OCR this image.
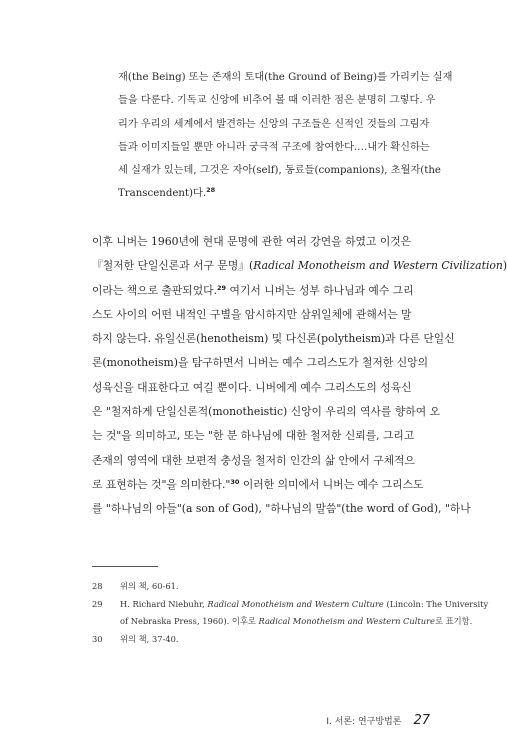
재(the Being) 또는 존재의 토대(the Ground of Being)를 가리키는 실재
들을 다룬다. 기독교 신앙에 비추어 볼 때 이러한 점은 분명히 그렇다. 우
리가 우리의 세계에서 발견하는 신앙의 구조들은 신적인 것들의 그림자
들과 이미지들일 뿐만 아니라 궁극적 구조에 참여한다.…내가 확신하는
세 실재가 있는데, 그것은 자아(self), 동료들(companions), 초월자(the
Transcendent)다.$^{28}$
이후 니버는 1960년에 현대 문명에 관한 여러 강연을 하였고 이것은
『철저한 단일신론과 서구 문명』(Radical Monotheism and Western Civilization)
이라는 책으로 출판되었다.$^{29}$ 여기서 니버는 성부 하나님과 예수 그리
스도 사이의 어떤 내적인 구별을 암시하지만 삼위일체에 관해서는 말
하지 않는다. 유일신론(henotheism) 및 다신론(polytheism)과 다른 단일신
론(monotheism)을 탐구하면서 니버는 예수 그리스도가 철저한 신앙의
성육신을 대표한다고 여길 뿐이다. 니버에게 예수 그리스도의 성육신
은 "철저하게 단일신론적(monotheistic) 신앙이 우리의 역사를 향하여 오
는 것"을 의미하고, 또는 "한 분 하나님에 대한 철저한 신뢰를, 그리고
존재의 영역에 대한 보편적 충성을 철저히 인간의 삶 안에서 구체적으
로 표현하는 것"을 의미한다."$^{30}$ 이러한 의미에서 니버는 예수 그리스도
를 "하나님의 아들"(a son of God), "하나님의 말씀"(the word of God), "하나
28 위의 책, 60-61.
29 H. Richard Niebuhr, Radical Monotheism and Western Culture (Lincoln: The University
of Nebraska Press, 1960). 이후로 Radical Monotheism and Western Culture로 표기함.
30 위의 책, 37-40.
I. 서론: 연구방법론 27
